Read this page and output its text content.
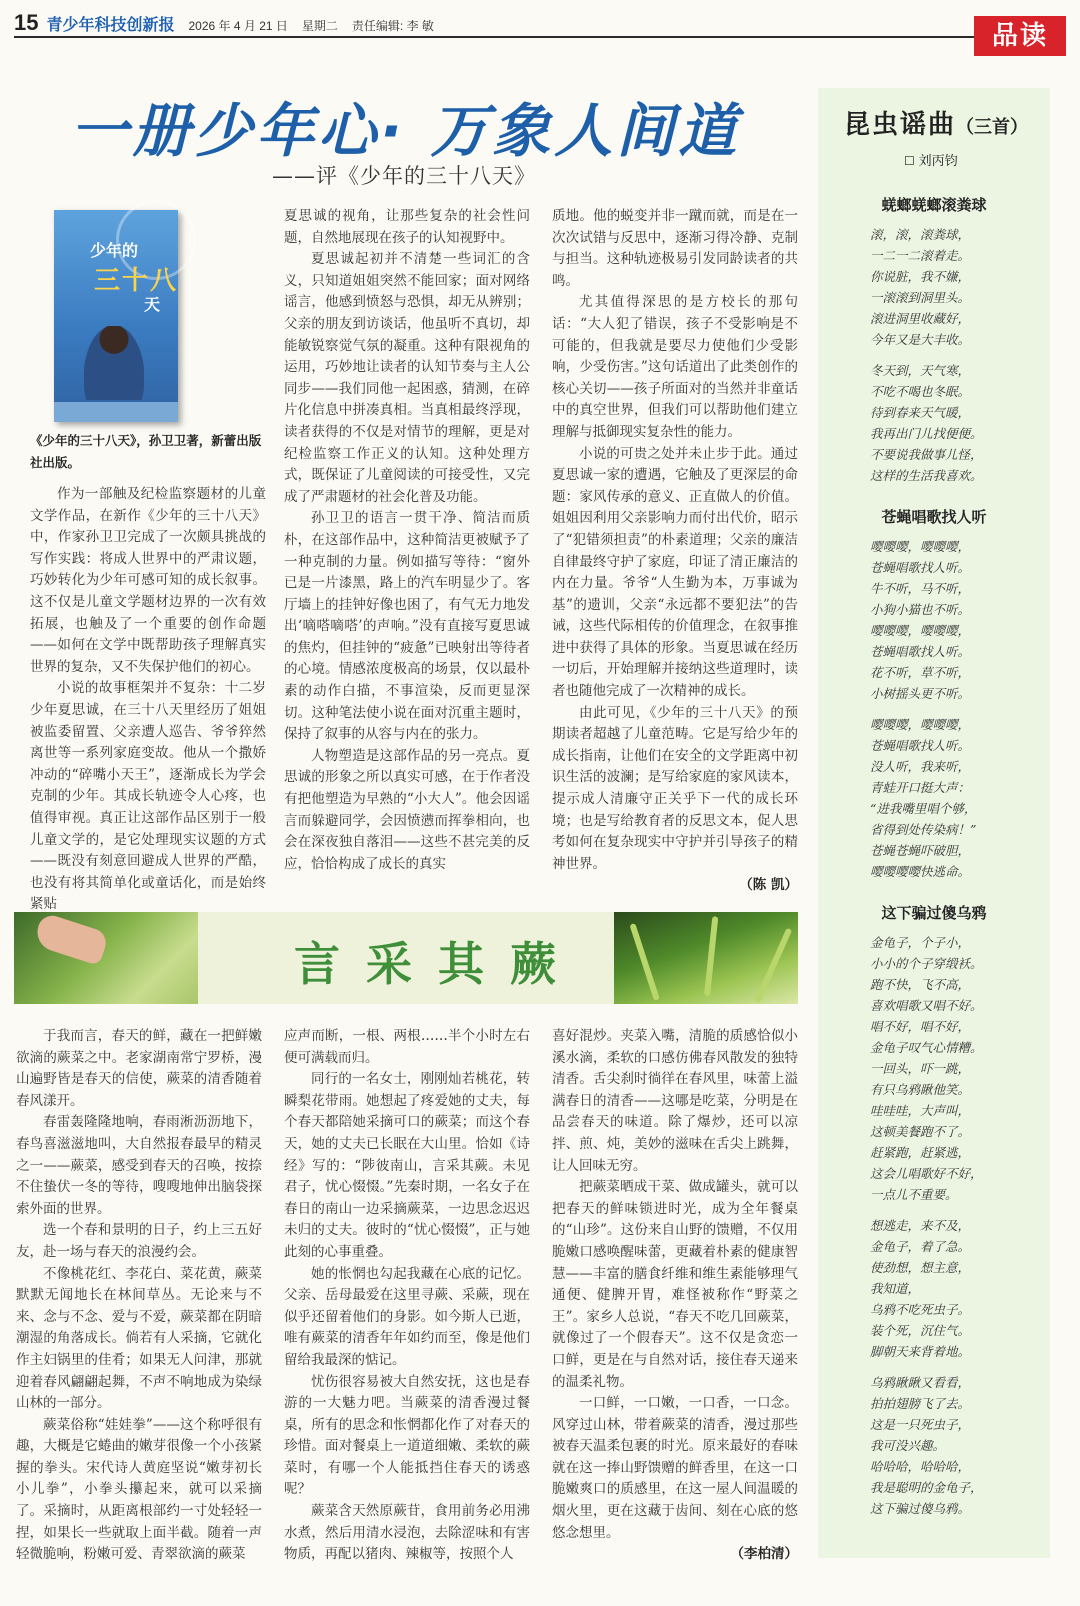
15 青少年科技创新报 2026 年 4 月 21 日 星期二 责任编辑: 李 敏	品读
一册少年心· 万象人间道
——评《少年的三十八天》
少年的
三十八
天
《少年的三十八天》，孙卫卫著，新蕾出版社出版。

作为一部触及纪检监察题材的儿童文学作品，在新作《少年的三十八天》中，作家孙卫卫完成了一次颇具挑战的写作实践：将成人世界中的严肃议题，巧妙转化为少年可感可知的成长叙事。这不仅是儿童文学题材边界的一次有效拓展，也触及了一个重要的创作命题——如何在文学中既帮助孩子理解真实世界的复杂，又不失保护他们的初心。

小说的故事框架并不复杂：十二岁少年夏思诚，在三十八天里经历了姐姐被监委留置、父亲遭人巡告、爷爷猝然离世等一系列家庭变故。他从一个撒娇冲动的“碎嘴小天王”，逐渐成长为学会克制的少年。其成长轨迹令人心疼，也值得审视。真正让这部作品区别于一般儿童文学的，是它处理现实议题的方式——既没有刻意回避成人世界的严酷，也没有将其简单化或童话化，而是始终紧贴

夏思诚的视角，让那些复杂的社会性问题，自然地展现在孩子的认知视野中。

夏思诚起初并不清楚一些词汇的含义，只知道姐姐突然不能回家；面对网络谣言，他感到愤怒与恐惧，却无从辨别；父亲的朋友到访谈话，他虽听不真切，却能敏锐察觉气氛的凝重。这种有限视角的运用，巧妙地让读者的认知节奏与主人公同步——我们同他一起困惑，猜测，在碎片化信息中拼凑真相。当真相最终浮现，读者获得的不仅是对情节的理解，更是对纪检监察工作正义的认知。这种处理方式，既保证了儿童阅读的可接受性，又完成了严肃题材的社会化普及功能。

孙卫卫的语言一贯干净、简洁而质朴，在这部作品中，这种简洁更被赋予了一种克制的力量。例如描写等待：“窗外已是一片漆黑，路上的汽车明显少了。客厅墙上的挂钟好像也困了，有气无力地发出‘嘀嗒嘀嗒’的声响。”没有直接写夏思诚的焦灼，但挂钟的“疲惫”已映射出等待者的心境。情感浓度极高的场景，仅以最朴素的动作白描，不事渲染，反而更显深切。这种笔法使小说在面对沉重主题时，保持了叙事的从容与内在的张力。

人物塑造是这部作品的另一亮点。夏思诚的形象之所以真实可感，在于作者没有把他塑造为早熟的“小大人”。他会因谣言而躲避同学，会因愤懑而挥拳相向，也会在深夜独自落泪——这些不甚完美的反应，恰恰构成了成长的真实

质地。他的蜕变并非一蹴而就，而是在一次次试错与反思中，逐渐习得冷静、克制与担当。这种轨迹极易引发同龄读者的共鸣。

尤其值得深思的是方校长的那句话：“大人犯了错误，孩子不受影响是不可能的，但我就是要尽力使他们少受影响，少受伤害。”这句话道出了此类创作的核心关切——孩子所面对的当然并非童话中的真空世界，但我们可以帮助他们建立理解与抵御现实复杂性的能力。

小说的可贵之处并未止步于此。通过夏思诚一家的遭遇，它触及了更深层的命题：家风传承的意义、正直做人的价值。姐姐因利用父亲影响力而付出代价，昭示了“犯错须担责”的朴素道理；父亲的廉洁自律最终守护了家庭，印证了清正廉洁的内在力量。爷爷“人生勤为本，万事诚为基”的遗训，父亲“永远都不要犯法”的告诫，这些代际相传的价值理念，在叙事推进中获得了具体的形象。当夏思诚在经历一切后，开始理解并接纳这些道理时，读者也随他完成了一次精神的成长。

由此可见，《少年的三十八天》的预期读者超越了儿童范畴。它是写给少年的成长指南，让他们在安全的文学距离中初识生活的波澜；是写给家庭的家风读本，提示成人清廉守正关乎下一代的成长环境；也是写给教育者的反思文本，促人思考如何在复杂现实中守护并引导孩子的精神世界。

（陈 凯）

言采其蕨

于我而言，春天的鲜，藏在一把鲜嫩欲滴的蕨菜之中。老家湖南常宁罗桥，漫山遍野皆是春天的信使，蕨菜的清香随着春风漾开。

春雷轰隆隆地响，春雨淅沥沥地下，春鸟喜滋滋地叫，大自然报春最早的精灵之一——蕨菜，感受到春天的召唤，按捺不住蛰伏一冬的等待，嗖嗖地伸出脑袋探索外面的世界。

选一个春和景明的日子，约上三五好友，赴一场与春天的浪漫约会。

不像桃花红、李花白、菜花黄，蕨菜默默无闻地长在林间草丛。无论来与不来、念与不念、爱与不爱，蕨菜都在阴暗潮湿的角落成长。倘若有人采摘，它就化作主妇锅里的佳肴；如果无人问津，那就迎着春风翩翩起舞，不声不响地成为染绿山林的一部分。

蕨菜俗称“娃娃拳”——这个称呼很有趣，大概是它蜷曲的嫩芽很像一个小孩紧握的拳头。宋代诗人黄庭坚说“嫩芽初长小儿拳”，小拳头攥起来，就可以采摘了。采摘时，从距离根部约一寸处轻轻一捏，如果长一些就取上面半截。随着一声轻微脆响，粉嫩可爱、青翠欲滴的蕨菜

应声而断，一根、两根……半个小时左右便可满载而归。

同行的一名女士，刚刚灿若桃花，转瞬梨花带雨。她想起了疼爱她的丈夫，每个春天都陪她采摘可口的蕨菜；而这个春天，她的丈夫已长眠在大山里。恰如《诗经》写的：“陟彼南山，言采其蕨。未见君子，忧心惙惙。”先秦时期，一名女子在春日的南山一边采摘蕨菜，一边思念迟迟未归的丈夫。彼时的“忧心惙惙”，正与她此刻的心事重叠。

她的怅惘也勾起我藏在心底的记忆。父亲、岳母最爱在这里寻蕨、采蕨，现在似乎还留着他们的身影。如今斯人已逝，唯有蕨菜的清香年年如约而至，像是他们留给我最深的惦记。

忧伤很容易被大自然安抚，这也是春游的一大魅力吧。当蕨菜的清香漫过餐桌，所有的思念和怅惘都化作了对春天的珍惜。面对餐桌上一道道细嫩、柔软的蕨菜时，有哪一个人能抵挡住春天的诱惑呢？

蕨菜含天然原蕨苷，食用前务必用沸水煮，然后用清水浸泡，去除涩味和有害物质，再配以猪肉、辣椒等，按照个人

喜好混炒。夹菜入嘴，清脆的质感恰似小溪水滴，柔软的口感仿佛春风散发的独特清香。舌尖刹时徜徉在春风里，味蕾上溢满春日的清香——这哪是吃菜，分明是在品尝春天的味道。除了爆炒，还可以凉拌、煎、炖，美妙的滋味在舌尖上跳舞，让人回味无穷。

把蕨菜晒成干菜、做成罐头，就可以把春天的鲜味锁进时光，成为全年餐桌的“山珍”。这份来自山野的馈赠，不仅用脆嫩口感唤醒味蕾，更藏着朴素的健康智慧——丰富的膳食纤维和维生素能够理气通便、健脾开胃，难怪被称作“野菜之王”。家乡人总说，“春天不吃几回蕨菜，就像过了一个假春天”。这不仅是贪恋一口鲜，更是在与自然对话，接住春天递来的温柔礼物。

一口鲜，一口嫩，一口香，一口念。风穿过山林，带着蕨菜的清香，漫过那些被春天温柔包裹的时光。原来最好的春味就在这一捧山野馈赠的鲜香里，在这一口脆嫩爽口的质感里，在这一屋人间温暖的烟火里，更在这藏于齿间、刻在心底的悠悠念想里。

（李柏清）

昆虫谣曲（三首）
☐ 刘丙钧
蜣螂蜣螂滚粪球
滚，滚，滚粪球，
一二一二滚着走。
你说脏，我不嫌，
一滚滚到洞里头。
滚进洞里收藏好，
今年又是大丰收。
冬天到，天气寒，
不吃不喝也冬眠。
待到春来天气暖，
我再出门儿找便便。
不要说我做事儿怪，
这样的生活我喜欢。
苍蝇唱歌找人听
嘤嘤嘤，嘤嘤嘤，
苍蝇唱歌找人听。
牛不听，马不听，
小狗小猫也不听。
嘤嘤嘤，嘤嘤嘤，
苍蝇唱歌找人听。
花不听，草不听，
小树摇头更不听。
嘤嘤嘤，嘤嘤嘤，
苍蝇唱歌找人听。
没人听，我来听，
青蛙开口挺大声：
“进我嘴里唱个够，
省得到处传染病！”
苍蝇苍蝇吓破胆，
嘤嘤嘤嘤快逃命。
这下骗过傻乌鸦
金龟子，个子小，
小小的个子穿缎袄。
跑不快，飞不高，
喜欢唱歌又唱不好。
唱不好，唱不好，
金龟子叹气心情糟。
一回头，吓一跳，
有只乌鸦瞅他笑。
哇哇哇，大声叫，
这顿美餐跑不了。
赶紧跑，赶紧逃，
这会儿唱歌好不好，
一点儿不重要。
想逃走，来不及，
金龟子，着了急。
使劲想，想主意，
我知道，
乌鸦不吃死虫子。
装个死，沉住气。
脚朝天来背着地。
乌鸦瞅瞅又看看，
拍拍翅膀飞了去。
这是一只死虫子，
我可没兴趣。
哈哈哈，哈哈哈，
我是聪明的金龟子，
这下骗过傻乌鸦。
